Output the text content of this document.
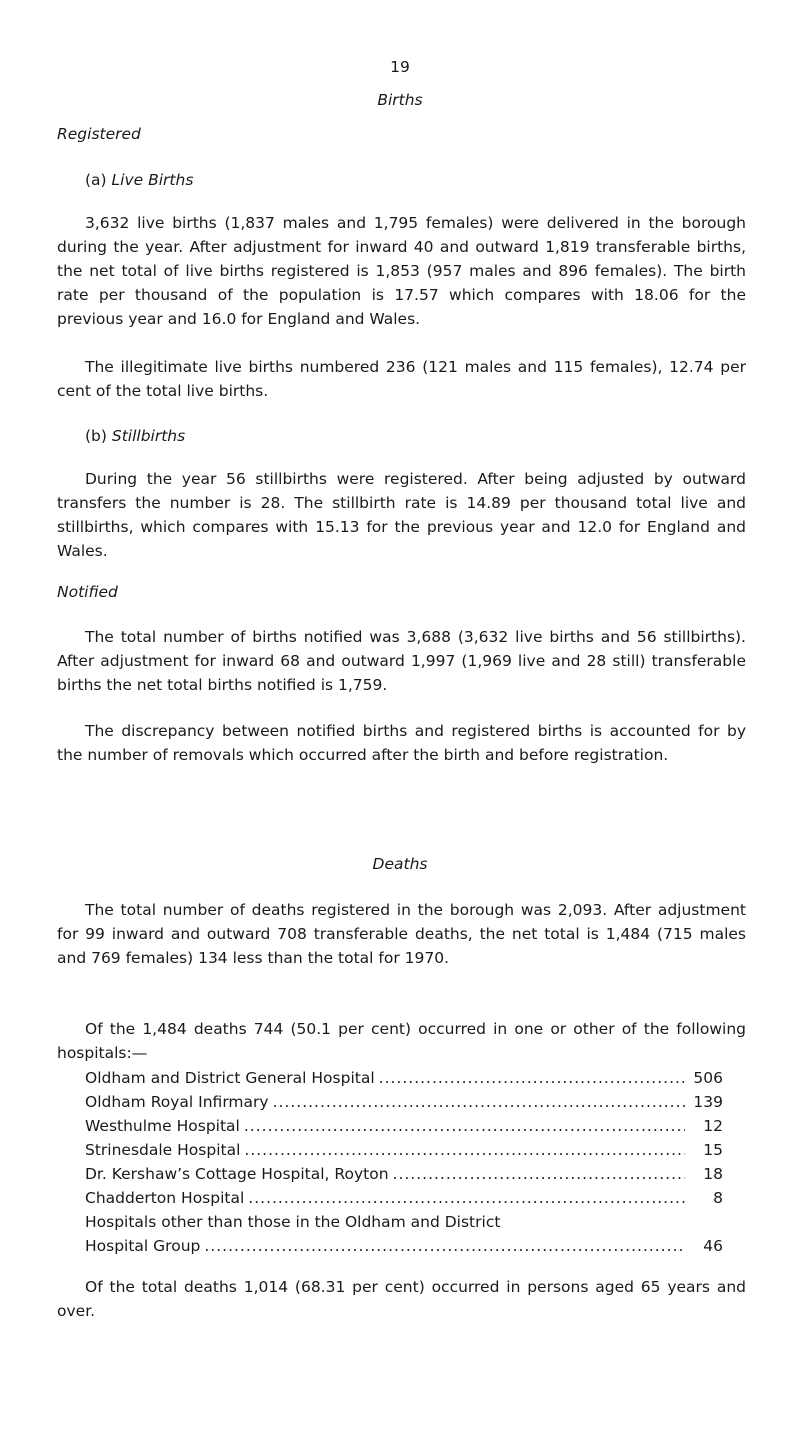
19
Births
Registered
(a) Live Births

3,632 live births (1,837 males and 1,795 females) were delivered in the borough during the year. After adjustment for inward 40 and outward 1,819 transferable births, the net total of live births registered is 1,853 (957 males and 896 females). The birth rate per thousand of the population is 17.57 which compares with 18.06 for the previous year and 16.0 for England and Wales.

The illegitimate live births numbered 236 (121 males and 115 females), 12.74 per cent of the total live births.

(b) Stillbirths

During the year 56 stillbirths were registered. After being adjusted by outward transfers the number is 28. The stillbirth rate is 14.89 per thousand total live and stillbirths, which compares with 15.13 for the previous year and 12.0 for England and Wales.

Notified

The total number of births notified was 3,688 (3,632 live births and 56 stillbirths). After adjustment for inward 68 and outward 1,997 (1,969 live and 28 still) transferable births the net total births notified is 1,759.

The discrepancy between notified births and registered births is accounted for by the number of removals which occurred after the birth and before registration.

Deaths

The total number of deaths registered in the borough was 2,093. After adjustment for 99 inward and outward 708 transferable deaths, the net total is 1,484 (715 males and 769 females) 134 less than the total for 1970.

Of the 1,484 deaths 744 (50.1 per cent) occurred in one or other of the following hospitals:—

Oldham and District General Hospital .....	506
Oldham Royal Infirmary .....	139
Westhulme Hospital .....	12
Strinesdale Hospital .....	15
Dr. Kershaw’s Cottage Hospital, Royton .....	18
Chadderton Hospital .....	8
Hospitals other than those in the Oldham and District
Hospital Group .....	46

Of the total deaths 1,014 (68.31 per cent) occurred in persons aged 65 years and over.
